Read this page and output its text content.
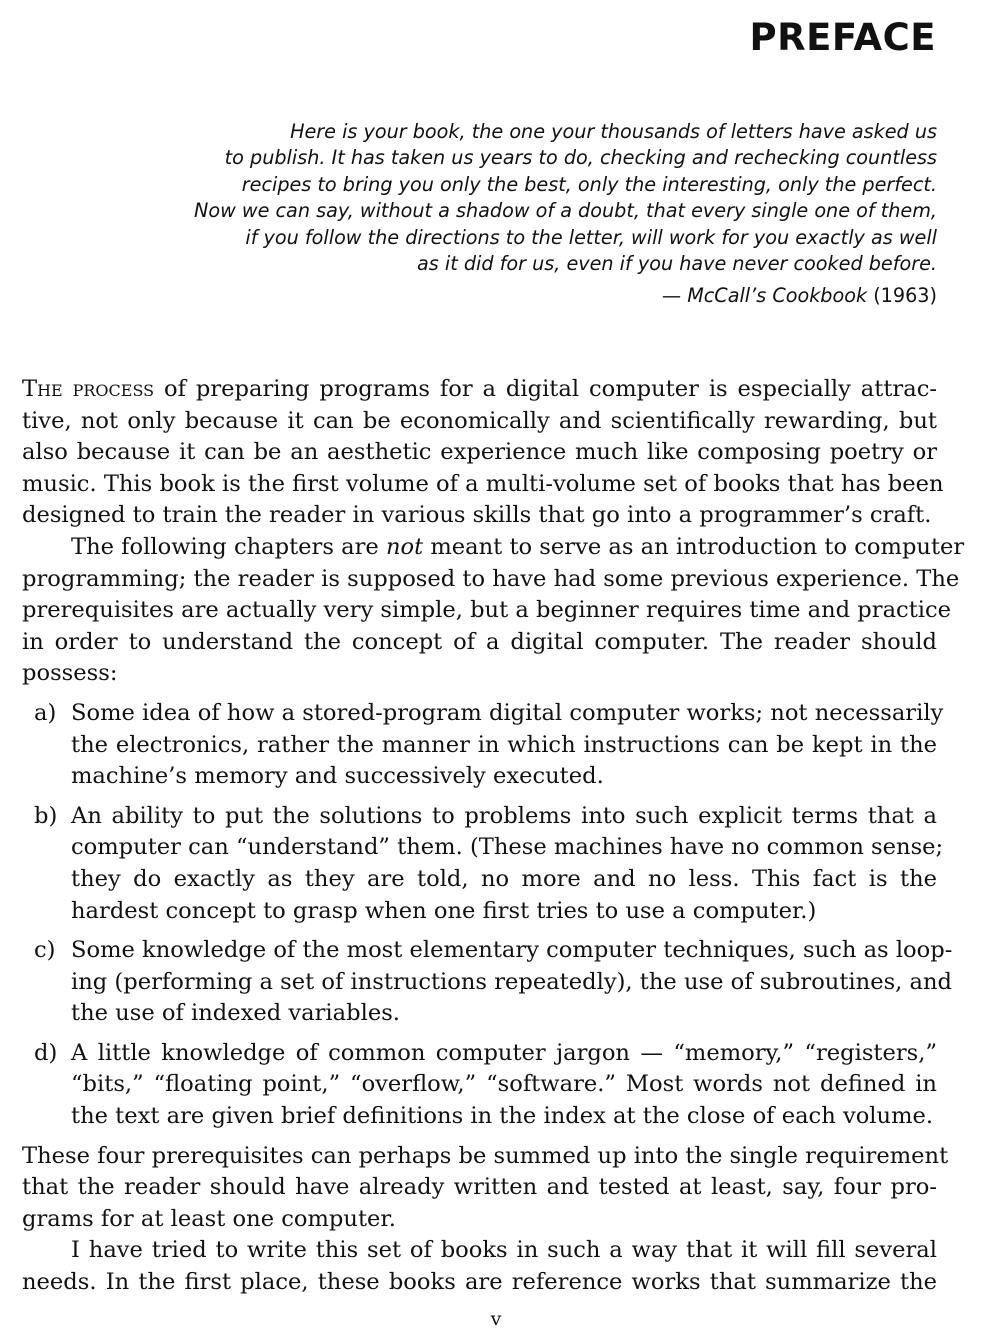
PREFACE
Here is your book, the one your thousands of letters have asked us
to publish. It has taken us years to do, checking and rechecking countless
recipes to bring you only the best, only the interesting, only the perfect.
Now we can say, without a shadow of a doubt, that every single one of them,
if you follow the directions to the letter, will work for you exactly as well
as it did for us, even if you have never cooked before.
— McCall’s Cookbook (1963)

The process of preparing programs for a digital computer is especially attrac-
tive, not only because it can be economically and scientifically rewarding, but
also because it can be an aesthetic experience much like composing poetry or
music. This book is the first volume of a multi-volume set of books that has been
designed to train the reader in various skills that go into a programmer’s craft.

The following chapters are not meant to serve as an introduction to computer
programming; the reader is supposed to have had some previous experience. The
prerequisites are actually very simple, but a beginner requires time and practice
in order to understand the concept of a digital computer. The reader should
possess:

a) Some idea of how a stored-program digital computer works; not necessarily
the electronics, rather the manner in which instructions can be kept in the
machine’s memory and successively executed.
b) An ability to put the solutions to problems into such explicit terms that a
computer can “understand” them. (These machines have no common sense;
they do exactly as they are told, no more and no less. This fact is the
hardest concept to grasp when one first tries to use a computer.)
c) Some knowledge of the most elementary computer techniques, such as loop-
ing (performing a set of instructions repeatedly), the use of subroutines, and
the use of indexed variables.
d) A little knowledge of common computer jargon — “memory,” “registers,”
“bits,” “floating point,” “overflow,” “software.” Most words not defined in
the text are given brief definitions in the index at the close of each volume.

These four prerequisites can perhaps be summed up into the single requirement
that the reader should have already written and tested at least, say, four pro-
grams for at least one computer.

I have tried to write this set of books in such a way that it will fill several
needs. In the first place, these books are reference works that summarize the

v
